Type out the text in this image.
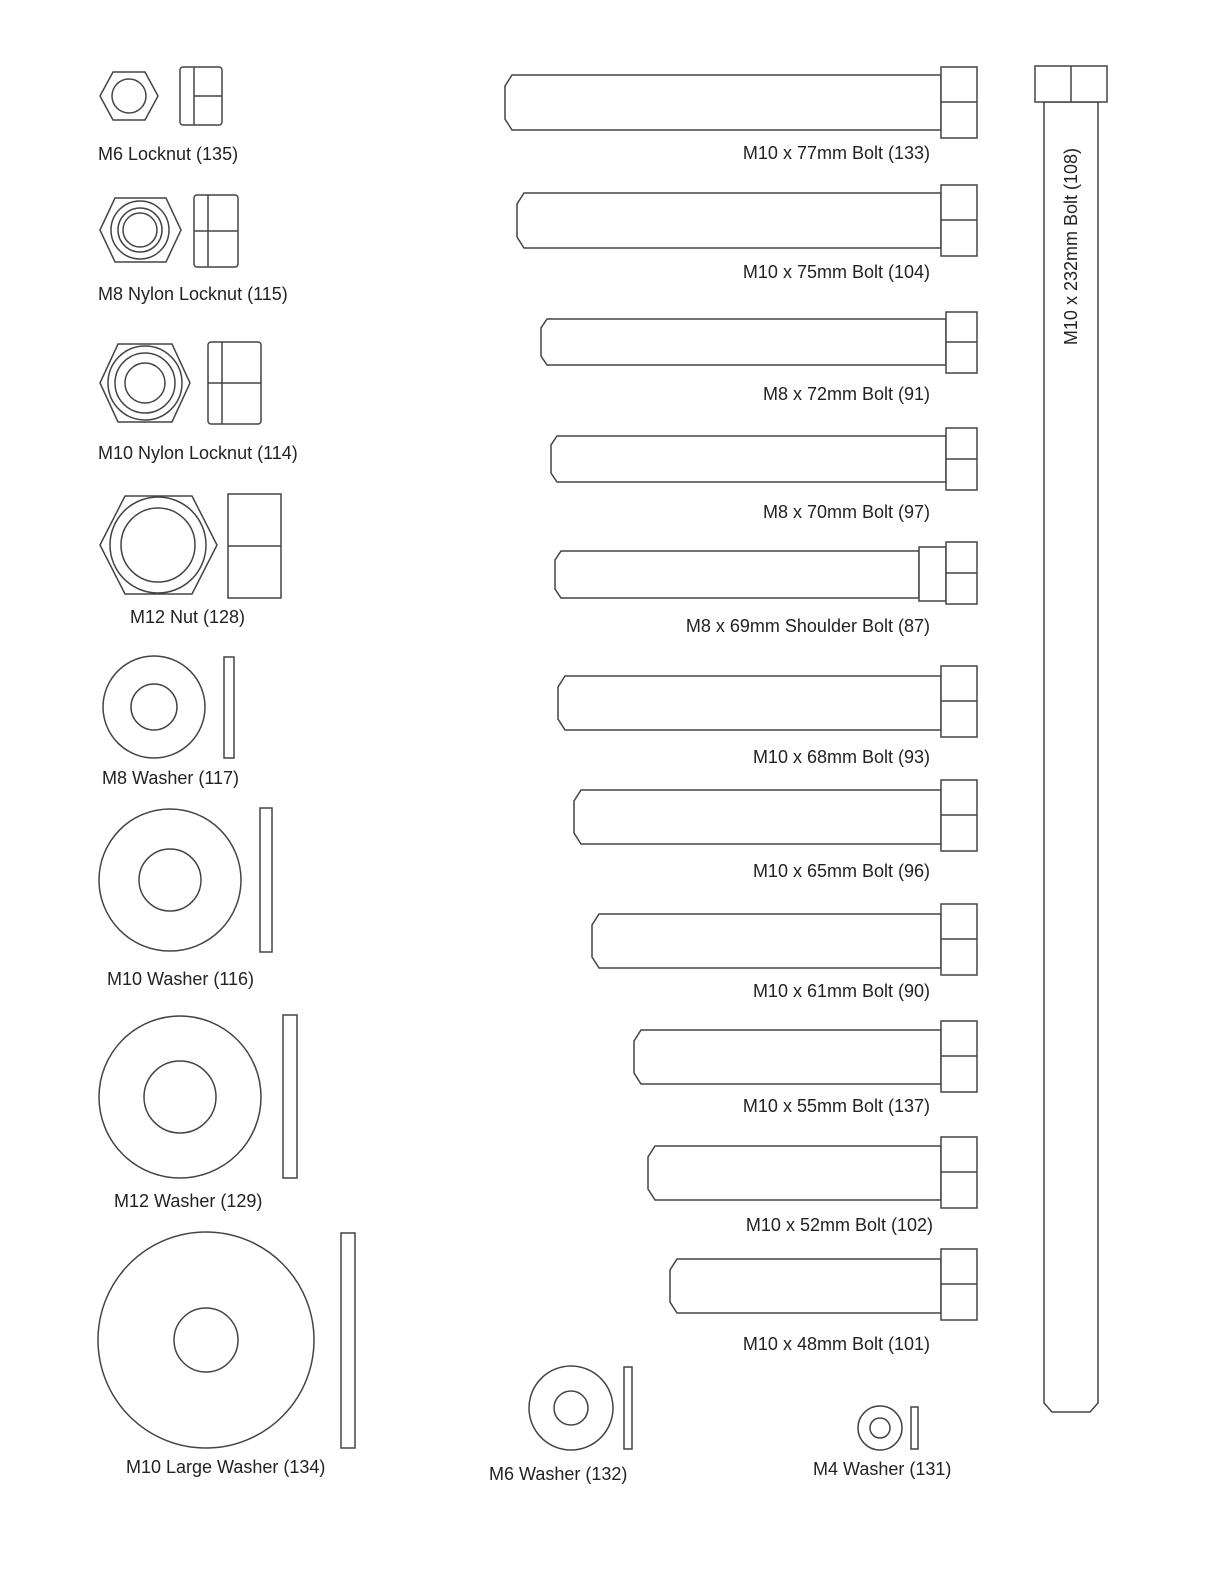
M6 Locknut (135)
M8 Nylon Locknut (115)
M10 Nylon Locknut (114)
M12 Nut (128)
M8 Washer (117)
M10 Washer (116)
M12 Washer (129)
M10 Large Washer (134)	M6 Washer (132)	M4 Washer (131)
M10 x 77mm Bolt (133)
M10 x 75mm Bolt (104)
M8 x 72mm Bolt (91)
M8 x 70mm Bolt (97)
M8 x 69mm Shoulder Bolt (87)
M10 x 68mm Bolt (93)
M10 x 65mm Bolt (96)
M10 x 61mm Bolt (90)
M10 x 55mm Bolt (137)
M10 x 52mm Bolt (102)
M10 x 48mm Bolt (101)
M10 x 232mm Bolt (108)
